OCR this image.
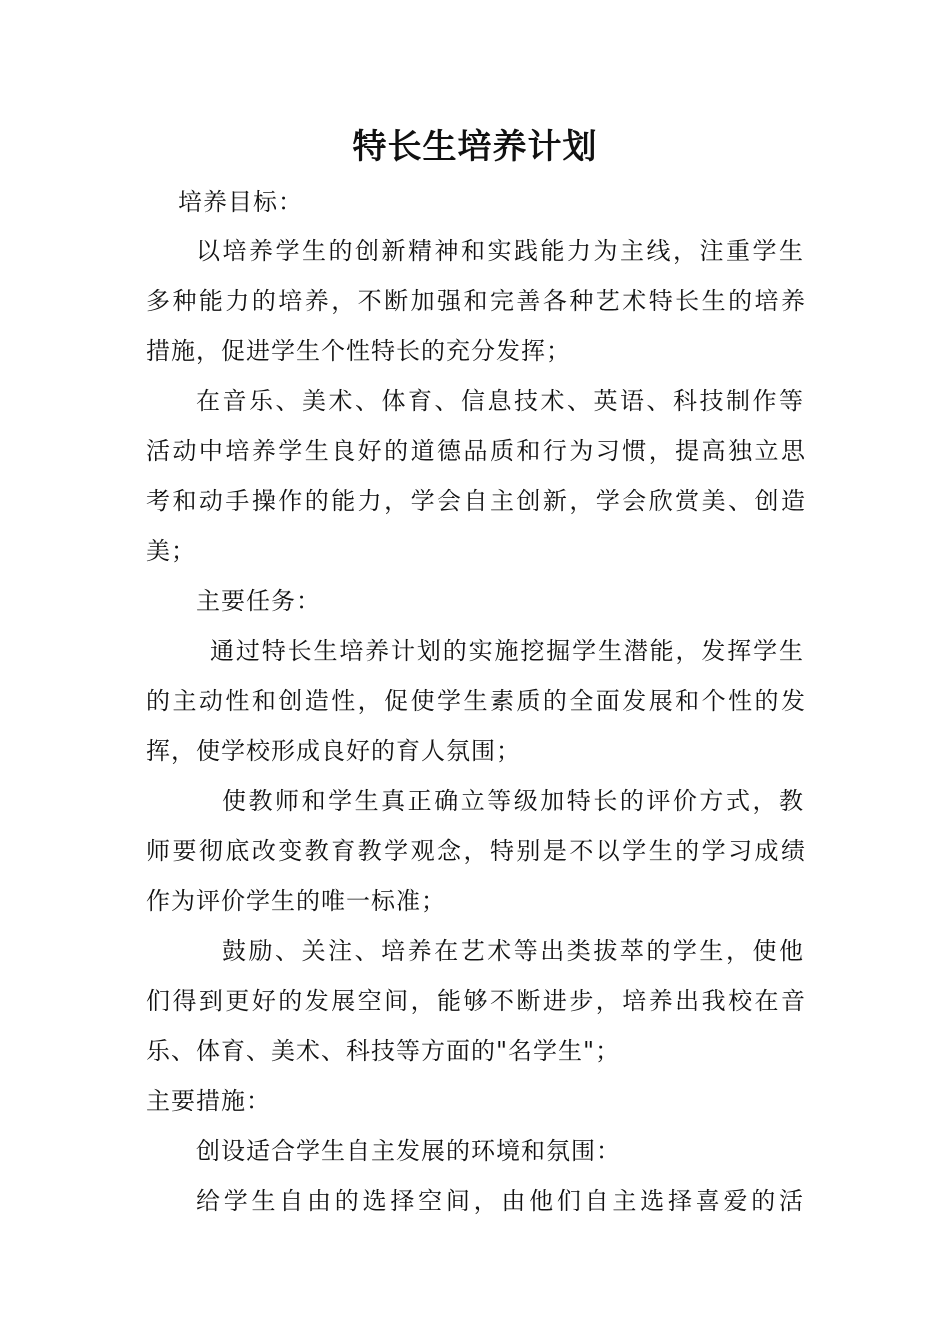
特长生培养计划
培养目标：
以培养学生的创新精神和实践能力为主线，注重学生
多种能力的培养，不断加强和完善各种艺术特长生的培养
措施，促进学生个性特长的充分发挥；
在音乐、美术、体育、信息技术、英语、科技制作等
活动中培养学生良好的道德品质和行为习惯，提高独立思
考和动手操作的能力，学会自主创新，学会欣赏美、创造
美；
主要任务：
通过特长生培养计划的实施挖掘学生潜能，发挥学生
的主动性和创造性，促使学生素质的全面发展和个性的发
挥，使学校形成良好的育人氛围；
使教师和学生真正确立等级加特长的评价方式，教
师要彻底改变教育教学观念，特别是不以学生的学习成绩
作为评价学生的唯一标准；
鼓励、关注、培养在艺术等出类拔萃的学生，使他
们得到更好的发展空间，能够不断进步，培养出我校在音
乐、体育、美术、科技等方面的"名学生"；
主要措施：
创设适合学生自主发展的环境和氛围：
给学生自由的选择空间，由他们自主选择喜爱的活
